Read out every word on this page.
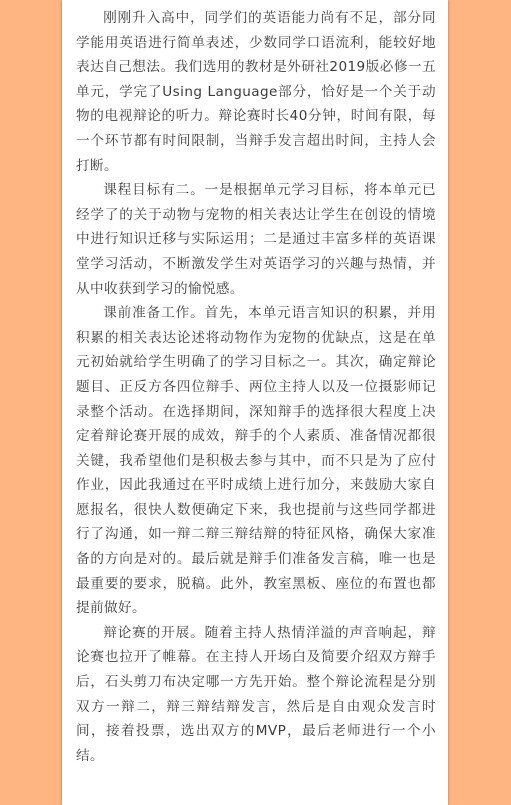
刚刚升入高中，同学们的英语能力尚有不足，部分同学能用英语进行简单表述，少数同学口语流利，能较好地表达自己想法。我们选用的教材是外研社2019版必修一五单元，学完了Using Language部分，恰好是一个关于动物的电视辩论的听力。辩论赛时长40分钟，时间有限，每一个环节都有时间限制，当辩手发言超出时间，主持人会打断。

课程目标有二。一是根据单元学习目标，将本单元已经学了的关于动物与宠物的相关表达让学生在创设的情境中进行知识迁移与实际运用；二是通过丰富多样的英语课堂学习活动，不断激发学生对英语学习的兴趣与热情，并从中收获到学习的愉悦感。

课前准备工作。首先，本单元语言知识的积累，并用积累的相关表达论述将动物作为宠物的优缺点，这是在单元初始就给学生明确了的学习目标之一。其次，确定辩论题目、正反方各四位辩手、两位主持人以及一位摄影师记录整个活动。在选择期间，深知辩手的选择很大程度上决定着辩论赛开展的成效，辩手的个人素质、准备情况都很关键，我希望他们是积极去参与其中，而不只是为了应付作业，因此我通过在平时成绩上进行加分，来鼓励大家自愿报名，很快人数便确定下来，我也提前与这些同学都进行了沟通，如一辩二辩三辩结辩的特征风格，确保大家准备的方向是对的。最后就是辩手们准备发言稿，唯一也是最重要的要求，脱稿。此外，教室黑板、座位的布置也都提前做好。

辩论赛的开展。随着主持人热情洋溢的声音响起，辩论赛也拉开了帷幕。在主持人开场白及简要介绍双方辩手后，石头剪刀布决定哪一方先开始。整个辩论流程是分别双方一辩二，辩三辩结辩发言，然后是自由观众发言时间，接着投票，选出双方的MVP，最后老师进行一个小结。
